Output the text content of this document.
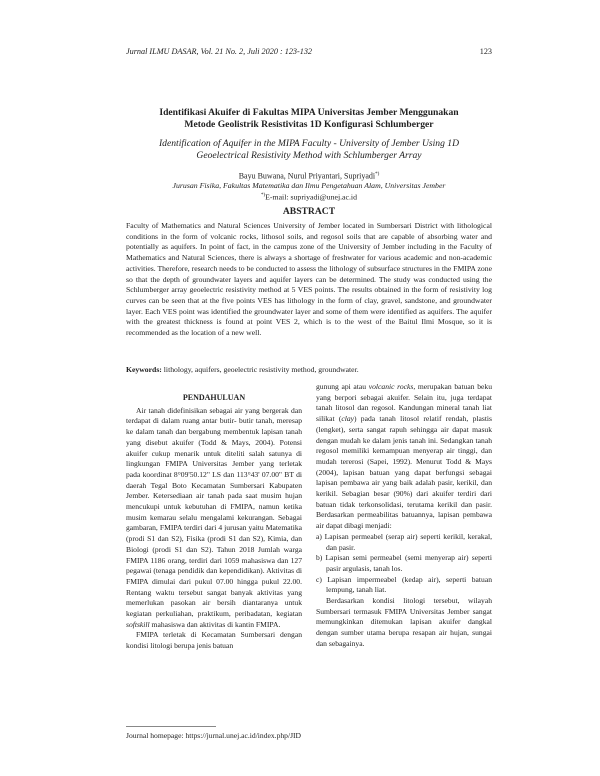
Jurnal ILMU DASAR, Vol. 21 No. 2, Juli 2020 : 123-132	123
Identifikasi Akuifer di Fakultas MIPA Universitas Jember Menggunakan
Metode Geolistrik Resistivitas 1D Konfigurasi Schlumberger
Identification of Aquifer in the MIPA Faculty - University of Jember Using 1D
Geoelectrical Resistivity Method with Schlumberger Array
Bayu Buwana, Nurul Priyantari, Supriyadi*)
Jurusan Fisika, Fakultas Matematika dan Ilmu Pengetahuan Alam, Universitas Jember
*)E-mail: supriyadi@unej.ac.id
ABSTRACT
Faculty of Mathematics and Natural Sciences University of Jember located in Sumbersari District with lithological conditions in the form of volcanic rocks, lithosol soils, and regosol soils that are capable of absorbing water and potentially as aquifers. In point of fact, in the campus zone of the University of Jember including in the Faculty of Mathematics and Natural Sciences, there is always a shortage of freshwater for various academic and non-academic activities. Therefore, research needs to be conducted to assess the lithology of subsurface structures in the FMIPA zone so that the depth of groundwater layers and aquifer layers can be determined. The study was conducted using the Schlumberger array geoelectric resistivity method at 5 VES points. The results obtained in the form of resistivity log curves can be seen that at the five points VES has lithology in the form of clay, gravel, sandstone, and groundwater layer. Each VES point was identified the groundwater layer and some of them were identified as aquifers. The aquifer with the greatest thickness is found at point VES 2, which is to the west of the Baitul Ilmi Mosque, so it is recommended as the location of a new well.
Keywords: lithology, aquifers, geoelectric resistivity method, groundwater.
PENDAHULUAN

Air tanah didefinisikan sebagai air yang bergerak dan terdapat di dalam ruang antar butir- butir tanah, meresap ke dalam tanah dan bergabung membentuk lapisan tanah yang disebut akuifer (Todd & Mays, 2004). Potensi akuifer cukup menarik untuk diteliti salah satunya di lingkungan FMIPA Universitas Jember yang terletak pada koordinat 8°09'50.12" LS dan 113°43' 07.00" BT di daerah Tegal Boto Kecamatan Sumbersari Kabupaten Jember. Ketersediaan air tanah pada saat musim hujan mencukupi untuk kebutuhan di FMIPA, namun ketika musim kemarau selalu mengalami kekurangan. Sebagai gambaran, FMIPA terdiri dari 4 jurusan yaitu Matematika (prodi S1 dan S2), Fisika (prodi S1 dan S2), Kimia, dan Biologi (prodi S1 dan S2). Tahun 2018 Jumlah warga FMIPA 1186 orang, terdiri dari 1059 mahasiswa dan 127 pegawai (tenaga pendidik dan kependidikan). Aktivitas di FMIPA dimulai dari pukul 07.00 hingga pukul 22.00. Rentang waktu tersebut sangat banyak aktivitas yang memerlukan pasokan air bersih diantaranya untuk kegiatan perkuliahan, praktikum, peribadatan, kegiatan softskill mahasiswa dan aktivitas di kantin FMIPA.

FMIPA terletak di Kecamatan Sumbersari dengan kondisi litologi berupa jenis batuan

gunung api atau volcanic rocks, merupakan batuan beku yang berpori sebagai akuifer. Selain itu, juga terdapat tanah litosol dan regosol. Kandungan mineral tanah liat silikat (clay) pada tanah litosol relatif rendah, plastis (lengket), serta sangat rapuh sehingga air dapat masuk dengan mudah ke dalam jenis tanah ini. Sedangkan tanah regosol memiliki kemampuan menyerap air tinggi, dan mudah tererosi (Sapei, 1992). Menurut Todd & Mays (2004), lapisan batuan yang dapat berfungsi sebagai lapisan pembawa air yang baik adalah pasir, kerikil, dan kerikil. Sebagian besar (90%) dari akuifer terdiri dari batuan tidak terkonsolidasi, terutama kerikil dan pasir. Berdasarkan permeabilitas batuannya, lapisan pembawa air dapat dibagi menjadi:

a) Lapisan permeabel (serap air) seperti kerikil, kerakal, dan pasir.
b) Lapisan semi permeabel (semi menyerap air) seperti pasir argulasis, tanah los.
c) Lapisan impermeabel (kedap air), seperti batuan lempung, tanah liat.

Berdasarkan kondisi litologi tersebut, wilayah Sumbersari termasuk FMIPA Universitas Jember sangat memungkinkan ditemukan lapisan akuifer dangkal dengan sumber utama berupa resapan air hujan, sungai dan sebagainya.

Journal homepage: https://jurnal.unej.ac.id/index.php/JID
